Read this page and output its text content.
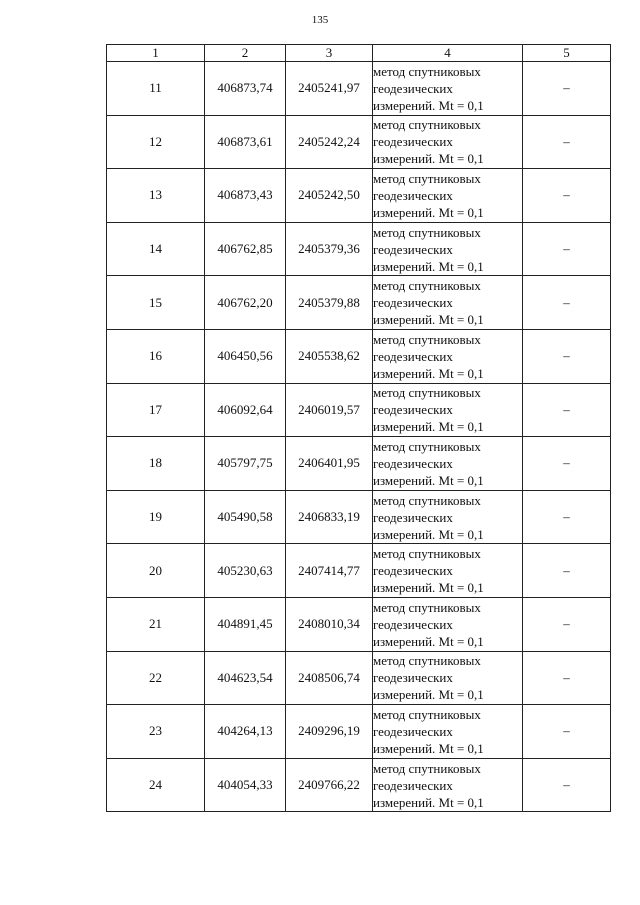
135
1	2	3	4	5
11	406873,74	2405241,97	метод спутниковых
геодезических
измерений. Mt = 0,1	–
12	406873,61	2405242,24	метод спутниковых
геодезических
измерений. Mt = 0,1	–
13	406873,43	2405242,50	метод спутниковых
геодезических
измерений. Mt = 0,1	–
14	406762,85	2405379,36	метод спутниковых
геодезических
измерений. Mt = 0,1	–
15	406762,20	2405379,88	метод спутниковых
геодезических
измерений. Mt = 0,1	–
16	406450,56	2405538,62	метод спутниковых
геодезических
измерений. Mt = 0,1	–
17	406092,64	2406019,57	метод спутниковых
геодезических
измерений. Mt = 0,1	–
18	405797,75	2406401,95	метод спутниковых
геодезических
измерений. Mt = 0,1	–
19	405490,58	2406833,19	метод спутниковых
геодезических
измерений. Mt = 0,1	–
20	405230,63	2407414,77	метод спутниковых
геодезических
измерений. Mt = 0,1	–
21	404891,45	2408010,34	метод спутниковых
геодезических
измерений. Mt = 0,1	–
22	404623,54	2408506,74	метод спутниковых
геодезических
измерений. Mt = 0,1	–
23	404264,13	2409296,19	метод спутниковых
геодезических
измерений. Mt = 0,1	–
24	404054,33	2409766,22	метод спутниковых
геодезических
измерений. Mt = 0,1	–
